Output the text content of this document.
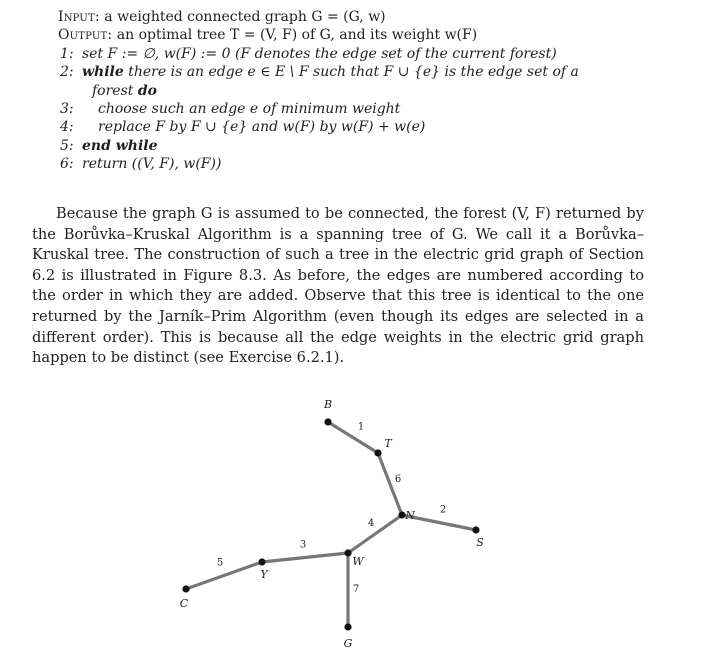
Input: a weighted connected graph G = (G, w)
Output: an optimal tree T = (V, F) of G, and its weight w(F)
1: set F := ∅, w(F) := 0 (F denotes the edge set of the current forest)
2: while there is an edge e ∈ E \ F such that F ∪ {e} is the edge set of a
forest do
3: choose such an edge e of minimum weight
4: replace F by F ∪ {e} and w(F) by w(F) + w(e)
5: end while
6: return ((V, F), w(F))
Because the graph G is assumed to be connected, the forest (V, F) returned by the Borůvka–Kruskal Algorithm is a spanning tree of G. We call it a Borůvka–Kruskal tree. The construction of such a tree in the electric grid graph of Section 6.2 is illustrated in Figure 8.3. As before, the edges are numbered according to the order in which they are added. Observe that this tree is identical to the one returned by the Jarník–Prim Algorithm (even though its edges are selected in a different order). This is because all the edge weights in the electric grid graph happen to be distinct (see Exercise 6.2.1).
1
2
3
4
5
6
7
B
T
N
S
W
Y
C
G
